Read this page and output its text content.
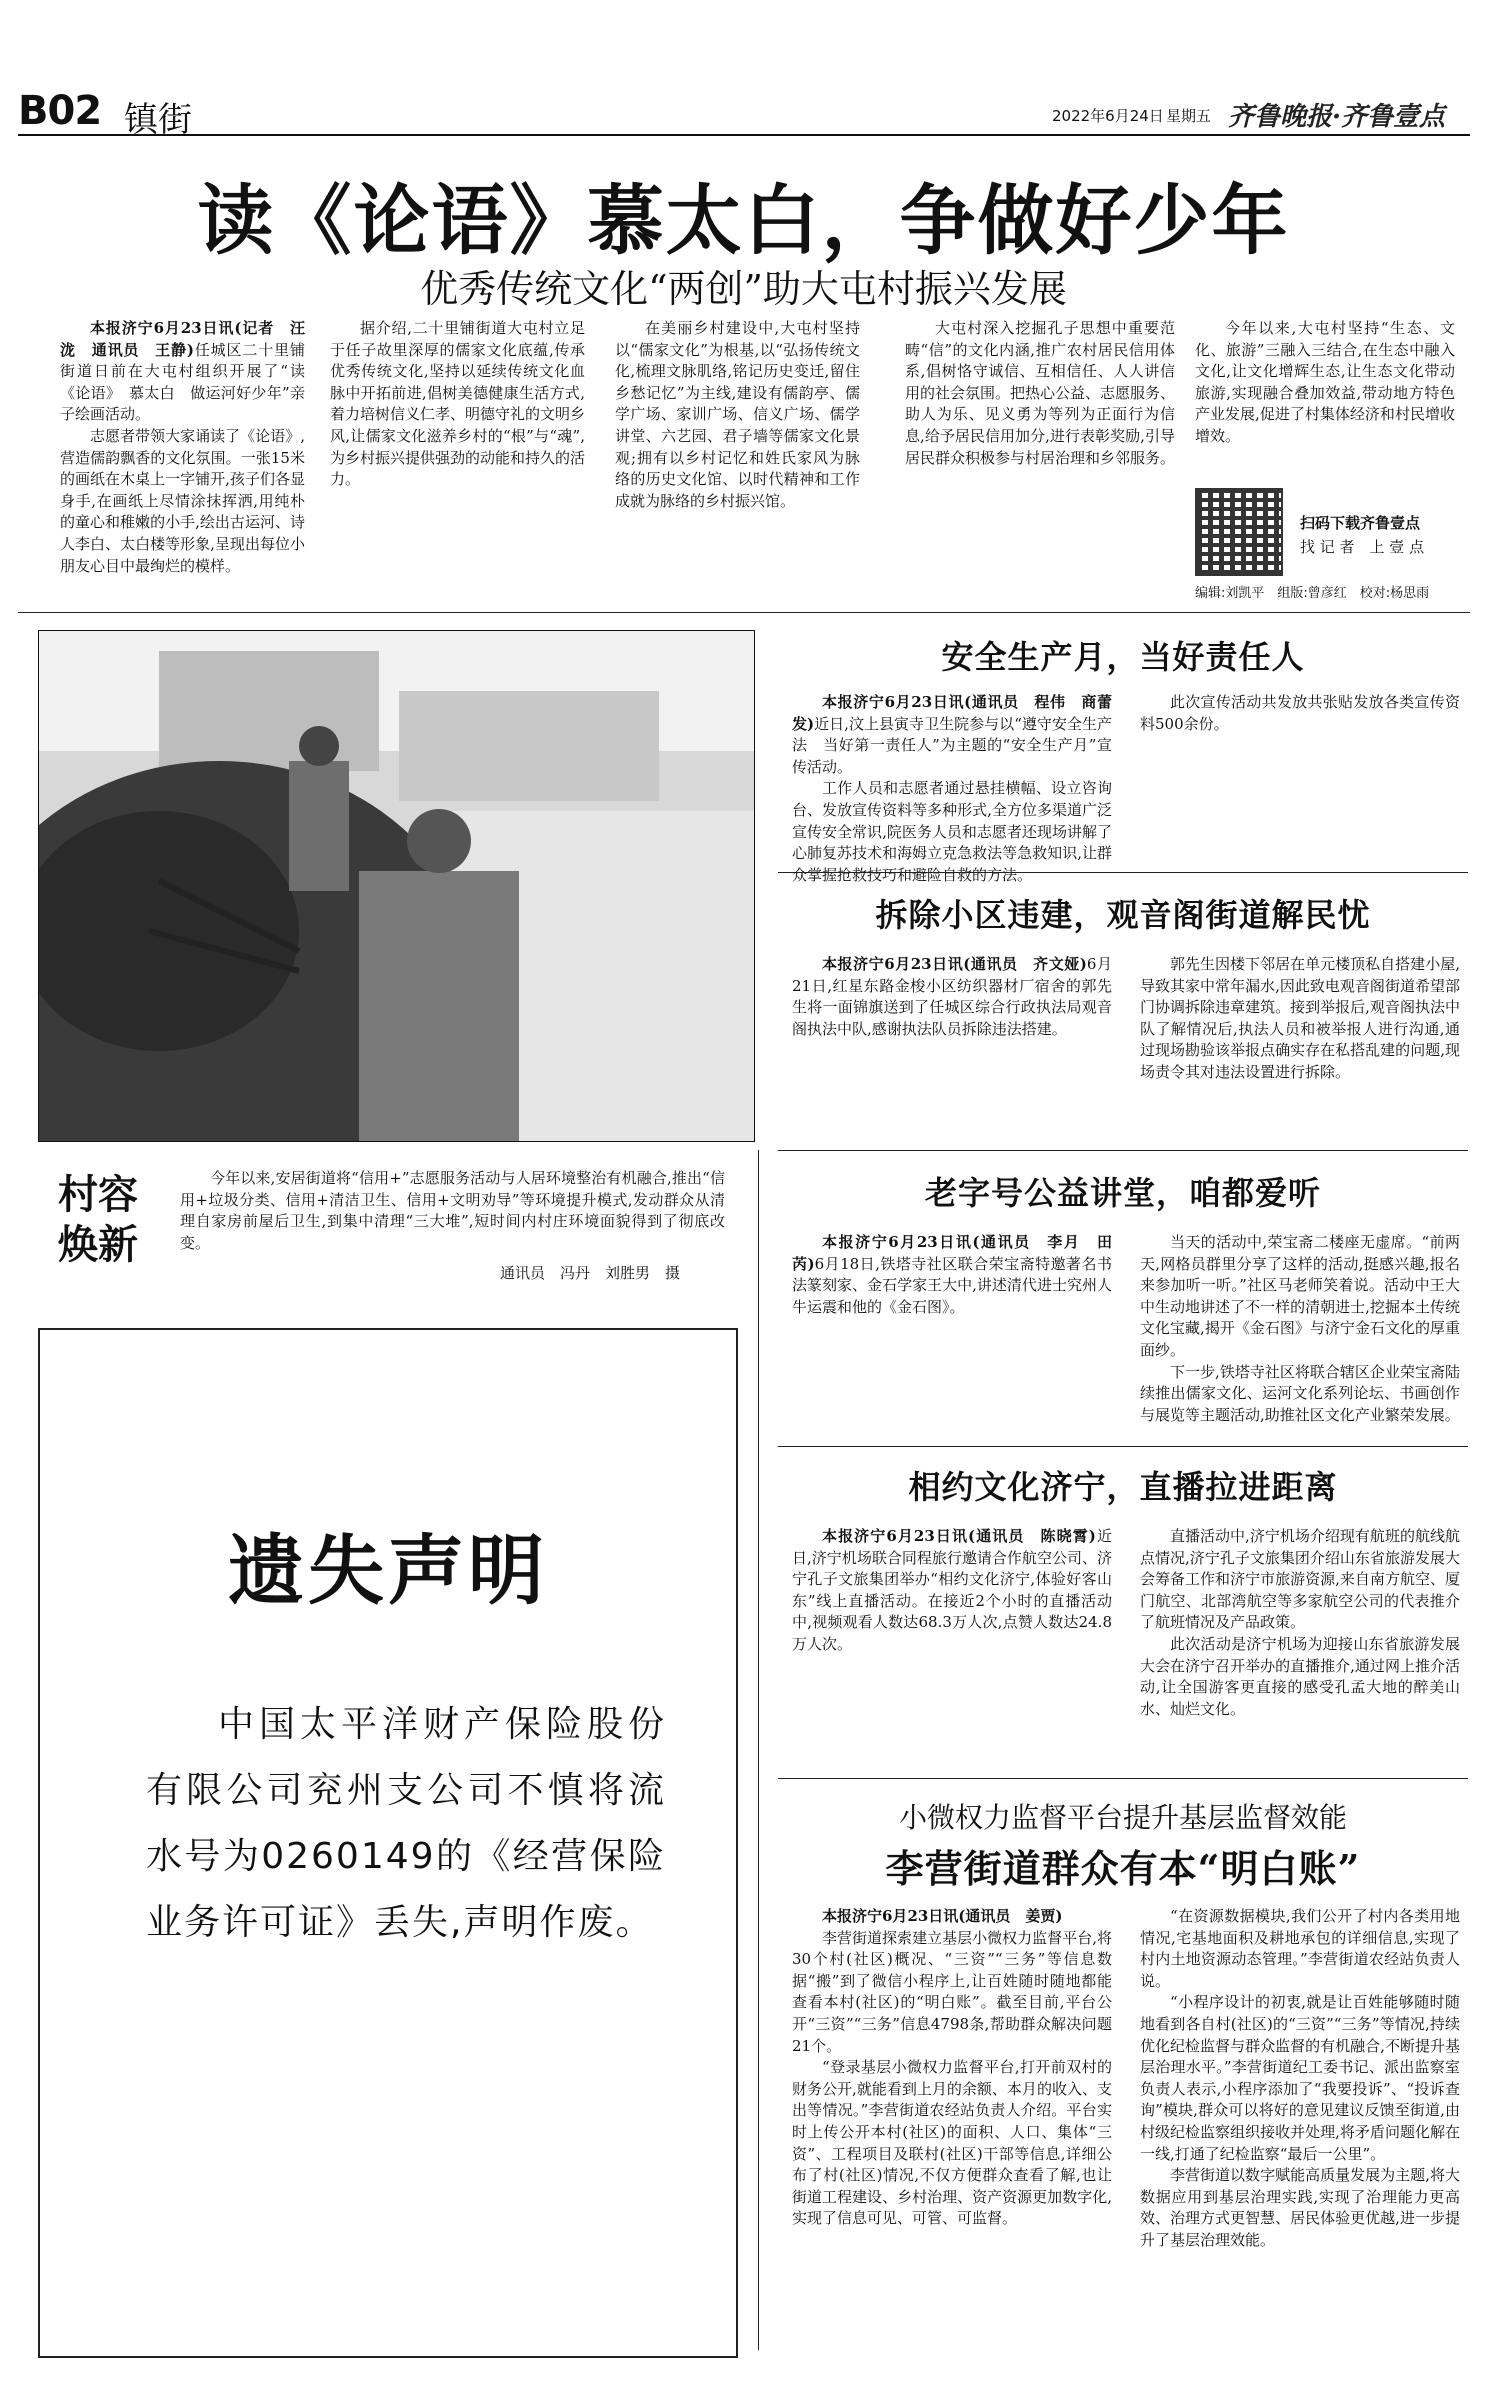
B02 镇街	2022年6月24日 星期五 齐鲁晚报·齐鲁壹点
读《论语》慕太白，争做好少年
优秀传统文化“两创”助大屯村振兴发展

本报济宁6月23日讯(记者　汪泷　通讯员　王静)任城区二十里铺街道日前在大屯村组织开展了“读《论语》　慕太白　做运河好少年”亲子绘画活动。

志愿者带领大家诵读了《论语》,营造儒韵飘香的文化氛围。一张15米的画纸在木桌上一字铺开,孩子们各显身手,在画纸上尽情涂抹挥洒,用纯朴的童心和稚嫩的小手,绘出古运河、诗人李白、太白楼等形象,呈现出每位小朋友心目中最绚烂的模样。

据介绍,二十里铺街道大屯村立足于任子故里深厚的儒家文化底蕴,传承优秀传统文化,坚持以延续传统文化血脉中开拓前进,倡树美德健康生活方式,着力培树信义仁孝、明德守礼的文明乡风,让儒家文化滋养乡村的“根”与“魂”,为乡村振兴提供强劲的动能和持久的活力。

在美丽乡村建设中,大屯村坚持以“儒家文化”为根基,以“弘扬传统文化,梳理文脉肌络,铭记历史变迁,留住乡愁记忆”为主线,建设有儒韵亭、儒学广场、家训广场、信义广场、儒学讲堂、六艺园、君子墙等儒家文化景观;拥有以乡村记忆和姓氏家风为脉络的历史文化馆、以时代精神和工作成就为脉络的乡村振兴馆。

大屯村深入挖掘孔子思想中重要范畴“信”的文化内涵,推广农村居民信用体系,倡树恪守诚信、互相信任、人人讲信用的社会氛围。把热心公益、志愿服务、助人为乐、见义勇为等列为正面行为信息,给予居民信用加分,进行表彰奖励,引导居民群众积极参与村居治理和乡邻服务。

今年以来,大屯村坚持“生态、文化、旅游”三融入三结合,在生态中融入文化,让文化增辉生态,让生态文化带动旅游,实现融合叠加效益,带动地方特色产业发展,促进了村集体经济和村民增收增效。

扫码下载齐鲁壹点
找 记 者　上 壹 点
编辑:刘凯平　组版:曾彦红　校对:杨思雨
村容焕新
今年以来,安居街道将“信用+”志愿服务活动与人居环境整治有机融合,推出“信用+垃圾分类、信用+清洁卫生、信用+文明劝导”等环境提升模式,发动群众从清理自家房前屋后卫生,到集中清理“三大堆”,短时间内村庄环境面貌得到了彻底改变。
通讯员　冯丹　刘胜男　摄
遗失声明
中国太平洋财产保险股份有限公司兖州支公司不慎将流水号为0260149的《经营保险业务许可证》丢失,声明作废。
安全生产月，当好责任人

本报济宁6月23日讯(通讯员　程伟　商蕾发)近日,汶上县寅寺卫生院参与以“遵守安全生产法　当好第一责任人”为主题的“安全生产月”宣传活动。

工作人员和志愿者通过悬挂横幅、设立咨询台、发放宣传资料等多种形式,全方位多渠道广泛宣传安全常识,院医务人员和志愿者还现场讲解了心肺复苏技术和海姆立克急救法等急救知识,让群众掌握抢救技巧和避险自救的方法。

此次宣传活动共发放共张贴发放各类宣传资料500余份。

拆除小区违建，观音阁街道解民忧

本报济宁6月23日讯(通讯员　齐文娅)6月21日,红星东路金梭小区纺织器材厂宿舍的郭先生将一面锦旗送到了任城区综合行政执法局观音阁执法中队,感谢执法队员拆除违法搭建。

郭先生因楼下邻居在单元楼顶私自搭建小屋,导致其家中常年漏水,因此致电观音阁街道希望部门协调拆除违章建筑。接到举报后,观音阁执法中队了解情况后,执法人员和被举报人进行沟通,通过现场勘验该举报点确实存在私搭乱建的问题,现场责令其对违法设置进行拆除。

老字号公益讲堂，咱都爱听

本报济宁6月23日讯(通讯员　李月　田芮)6月18日,铁塔寺社区联合荣宝斋特邀著名书法篆刻家、金石学家王大中,讲述清代进士究州人牛运震和他的《金石图》。

当天的活动中,荣宝斋二楼座无虚席。“前两天,网格员群里分享了这样的活动,挺感兴趣,报名来参加听一听。”社区马老师笑着说。活动中王大中生动地讲述了不一样的清朝进士,挖掘本土传统文化宝藏,揭开《金石图》与济宁金石文化的厚重面纱。

下一步,铁塔寺社区将联合辖区企业荣宝斋陆续推出儒家文化、运河文化系列论坛、书画创作与展览等主题活动,助推社区文化产业繁荣发展。

相约文化济宁，直播拉进距离

本报济宁6月23日讯(通讯员　陈晓霄)近日,济宁机场联合同程旅行邀请合作航空公司、济宁孔子文旅集团举办“相约文化济宁,体验好客山东”线上直播活动。在接近2个小时的直播活动中,视频观看人数达68.3万人次,点赞人数达24.8万人次。

直播活动中,济宁机场介绍现有航班的航线航点情况,济宁孔子文旅集团介绍山东省旅游发展大会筹备工作和济宁市旅游资源,来自南方航空、厦门航空、北部湾航空等多家航空公司的代表推介了航班情况及产品政策。

此次活动是济宁机场为迎接山东省旅游发展大会在济宁召开举办的直播推介,通过网上推介活动,让全国游客更直接的感受孔孟大地的醉美山水、灿烂文化。

小微权力监督平台提升基层监督效能
李营街道群众有本“明白账”

本报济宁6月23日讯(通讯员　姜贾)

李营街道探索建立基层小微权力监督平台,将30个村(社区)概况、“三资”“三务”等信息数据“搬”到了微信小程序上,让百姓随时随地都能查看本村(社区)的“明白账”。截至目前,平台公开“三资”“三务”信息4798条,帮助群众解决问题21个。

“登录基层小微权力监督平台,打开前双村的财务公开,就能看到上月的余额、本月的收入、支出等情况。”李营街道农经站负责人介绍。平台实时上传公开本村(社区)的面积、人口、集体“三资”、工程项目及联村(社区)干部等信息,详细公布了村(社区)情况,不仅方便群众查看了解,也让街道工程建设、乡村治理、资产资源更加数字化,实现了信息可见、可管、可监督。

“在资源数据模块,我们公开了村内各类用地情况,宅基地面积及耕地承包的详细信息,实现了村内土地资源动态管理。”李营街道农经站负责人说。

“小程序设计的初衷,就是让百姓能够随时随地看到各自村(社区)的“三资”“三务”等情况,持续优化纪检监督与群众监督的有机融合,不断提升基层治理水平。”李营街道纪工委书记、派出监察室负责人表示,小程序添加了“我要投诉”、“投诉查询”模块,群众可以将好的意见建议反馈至街道,由村级纪检监察组织接收并处理,将矛盾问题化解在一线,打通了纪检监察“最后一公里”。

李营街道以数字赋能高质量发展为主题,将大数据应用到基层治理实践,实现了治理能力更高效、治理方式更智慧、居民体验更优越,进一步提升了基层治理效能。
